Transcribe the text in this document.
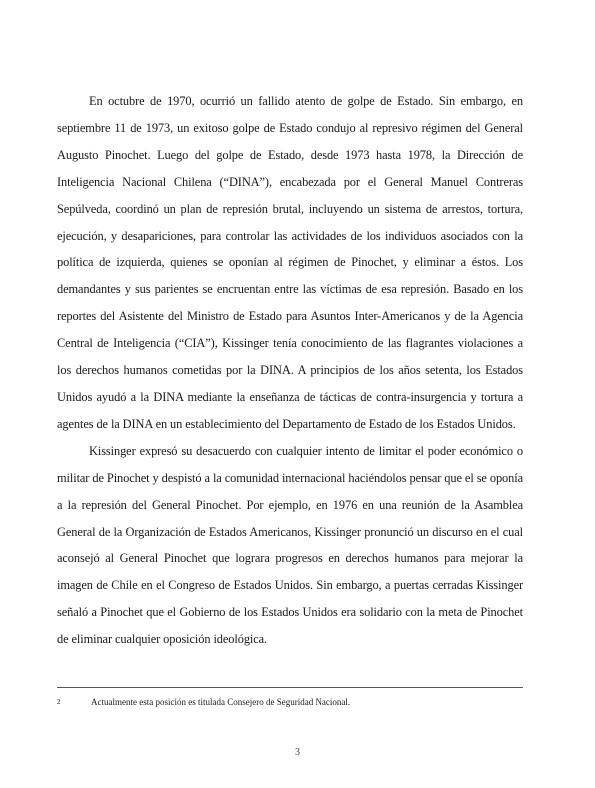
En octubre de 1970, ocurrió un fallido atento de golpe de Estado. Sin embargo, en septiembre 11 de 1973, un exitoso golpe de Estado condujo al represivo régimen del General Augusto Pinochet. Luego del golpe de Estado, desde 1973 hasta 1978, la Dirección de Inteligencia Nacional Chilena (“DINA”), encabezada por el General Manuel Contreras Sepúlveda, coordinó un plan de represión brutal, incluyendo un sistema de arrestos, tortura, ejecución, y desapariciones, para controlar las actividades de los individuos asociados con la política de izquierda, quienes se oponían al régimen de Pinochet, y eliminar a éstos. Los demandantes y sus parientes se encruentan entre las víctimas de esa represión. Basado en los reportes del Asistente del Ministro de Estado para Asuntos Inter-Americanos y de la Agencia Central de Inteligencia (“CIA”), Kissinger tenía conocimiento de las flagrantes violaciones a los derechos humanos cometidas por la DINA. A principios de los años setenta, los Estados Unidos ayudó a la DINA mediante la enseñanza de tácticas de contra-insurgencia y tortura a agentes de la DINA en un establecimiento del Departamento de Estado de los Estados Unidos.

Kissinger expresó su desacuerdo con cualquier intento de limitar el poder económico o militar de Pinochet y despistó a la comunidad internacional haciéndolos pensar que el se oponía a la represión del General Pinochet. Por ejemplo, en 1976 en una reunión de la Asamblea General de la Organización de Estados Americanos, Kissinger pronunció un discurso en el cual aconsejó al General Pinochet que lograra progresos en derechos humanos para mejorar la imagen de Chile en el Congreso de Estados Unidos. Sin embargo, a puertas cerradas Kissinger señaló a Pinochet que el Gobierno de los Estados Unidos era solidario con la meta de Pinochet de eliminar cualquier oposición ideológica.

2	Actualmente esta posición es titulada Consejero de Seguridad Nacional.
3
